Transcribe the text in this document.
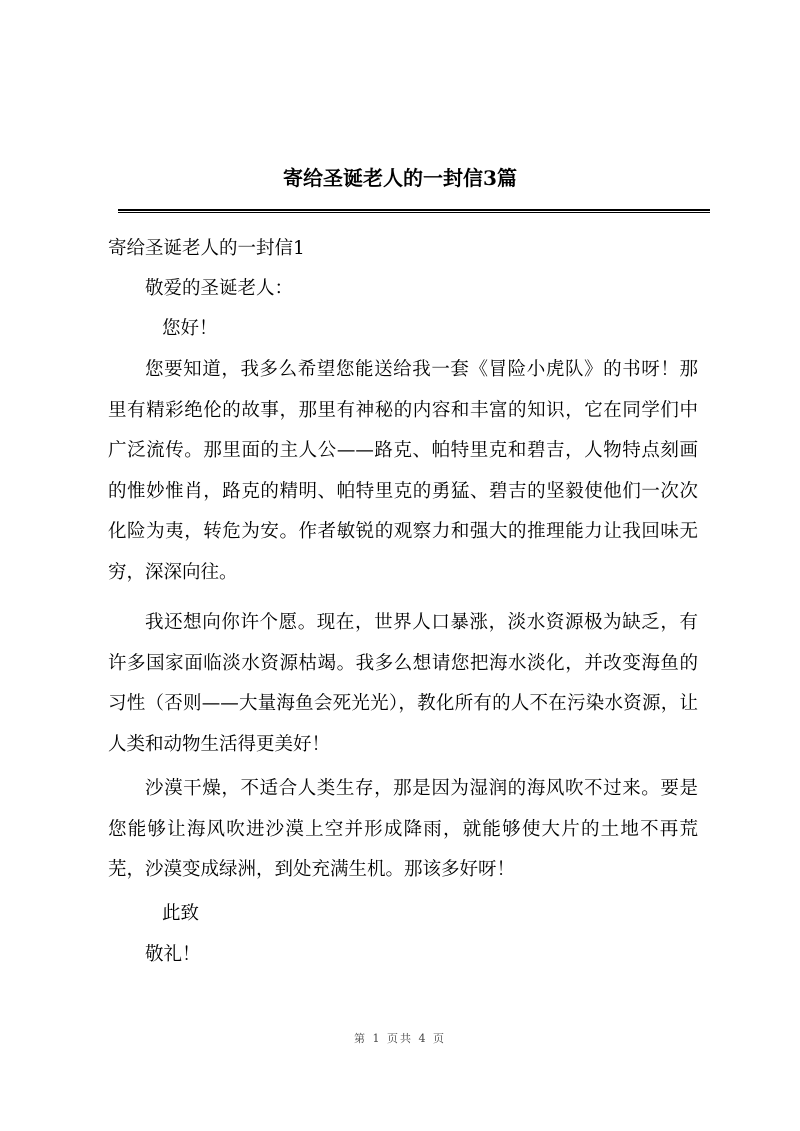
寄给圣诞老人的一封信3篇
寄给圣诞老人的一封信1
敬爱的圣诞老人：
您好！
您要知道，我多么希望您能送给我一套《冒险小虎队》的书呀！那里有精彩绝伦的故事，那里有神秘的内容和丰富的知识，它在同学们中广泛流传。那里面的主人公——路克、帕特里克和碧吉，人物特点刻画的惟妙惟肖，路克的精明、帕特里克的勇猛、碧吉的坚毅使他们一次次化险为夷，转危为安。作者敏锐的观察力和强大的推理能力让我回味无穷，深深向往。
我还想向你许个愿。现在，世界人口暴涨，淡水资源极为缺乏，有许多国家面临淡水资源枯竭。我多么想请您把海水淡化，并改变海鱼的习性（否则——大量海鱼会死光光），教化所有的人不在污染水资源，让人类和动物生活得更美好！
沙漠干燥，不适合人类生存，那是因为湿润的海风吹不过来。要是您能够让海风吹进沙漠上空并形成降雨，就能够使大片的土地不再荒芜，沙漠变成绿洲，到处充满生机。那该多好呀！
此致
敬礼！
第 1 页共 4 页
